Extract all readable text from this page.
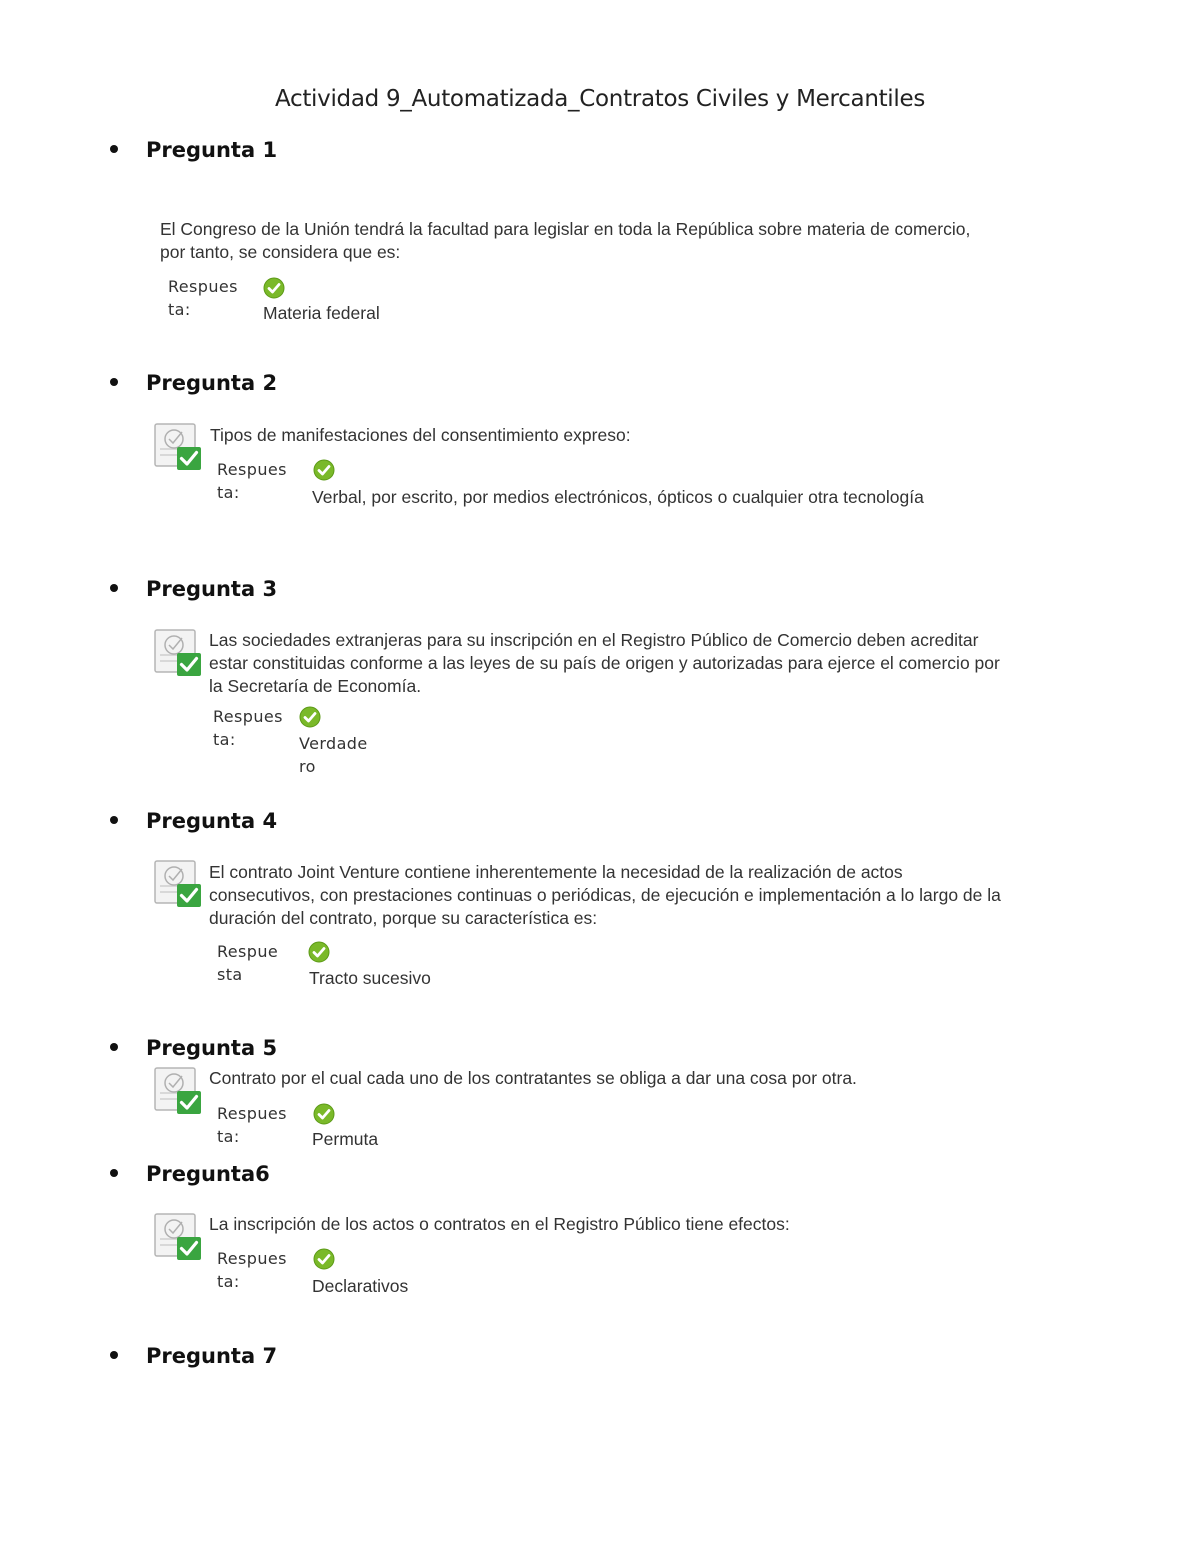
Actividad 9_Automatizada_Contratos Civiles y Mercantiles
Pregunta 1
El Congreso de la Unión tendrá la facultad para legislar en toda la República sobre materia de comercio, por tanto, se considera que es:
Respues
ta:	Materia federal
Pregunta 2
Tipos de manifestaciones del consentimiento expreso:
Respues
ta:	Verbal, por escrito, por medios electrónicos, ópticos o cualquier otra tecnología
Pregunta 3
Las sociedades extranjeras para su inscripción en el Registro Público de Comercio deben acreditar estar constituidas conforme a las leyes de su país de origen y autorizadas para ejerce el comercio por la Secretaría de Economía.
Respues
ta:	Verdade
ro
Pregunta 4
El contrato Joint Venture contiene inherentemente la necesidad de la realización de actos consecutivos, con prestaciones continuas o periódicas, de ejecución e implementación a lo largo de la duración del contrato, porque su característica es:
Respue
sta	Tracto sucesivo
Pregunta 5
Contrato por el cual cada uno de los contratantes se obliga a dar una cosa por otra.
Respues
ta:	Permuta
Pregunta6
La inscripción de los actos o contratos en el Registro Público tiene efectos:
Respues
ta:	Declarativos
Pregunta 7
